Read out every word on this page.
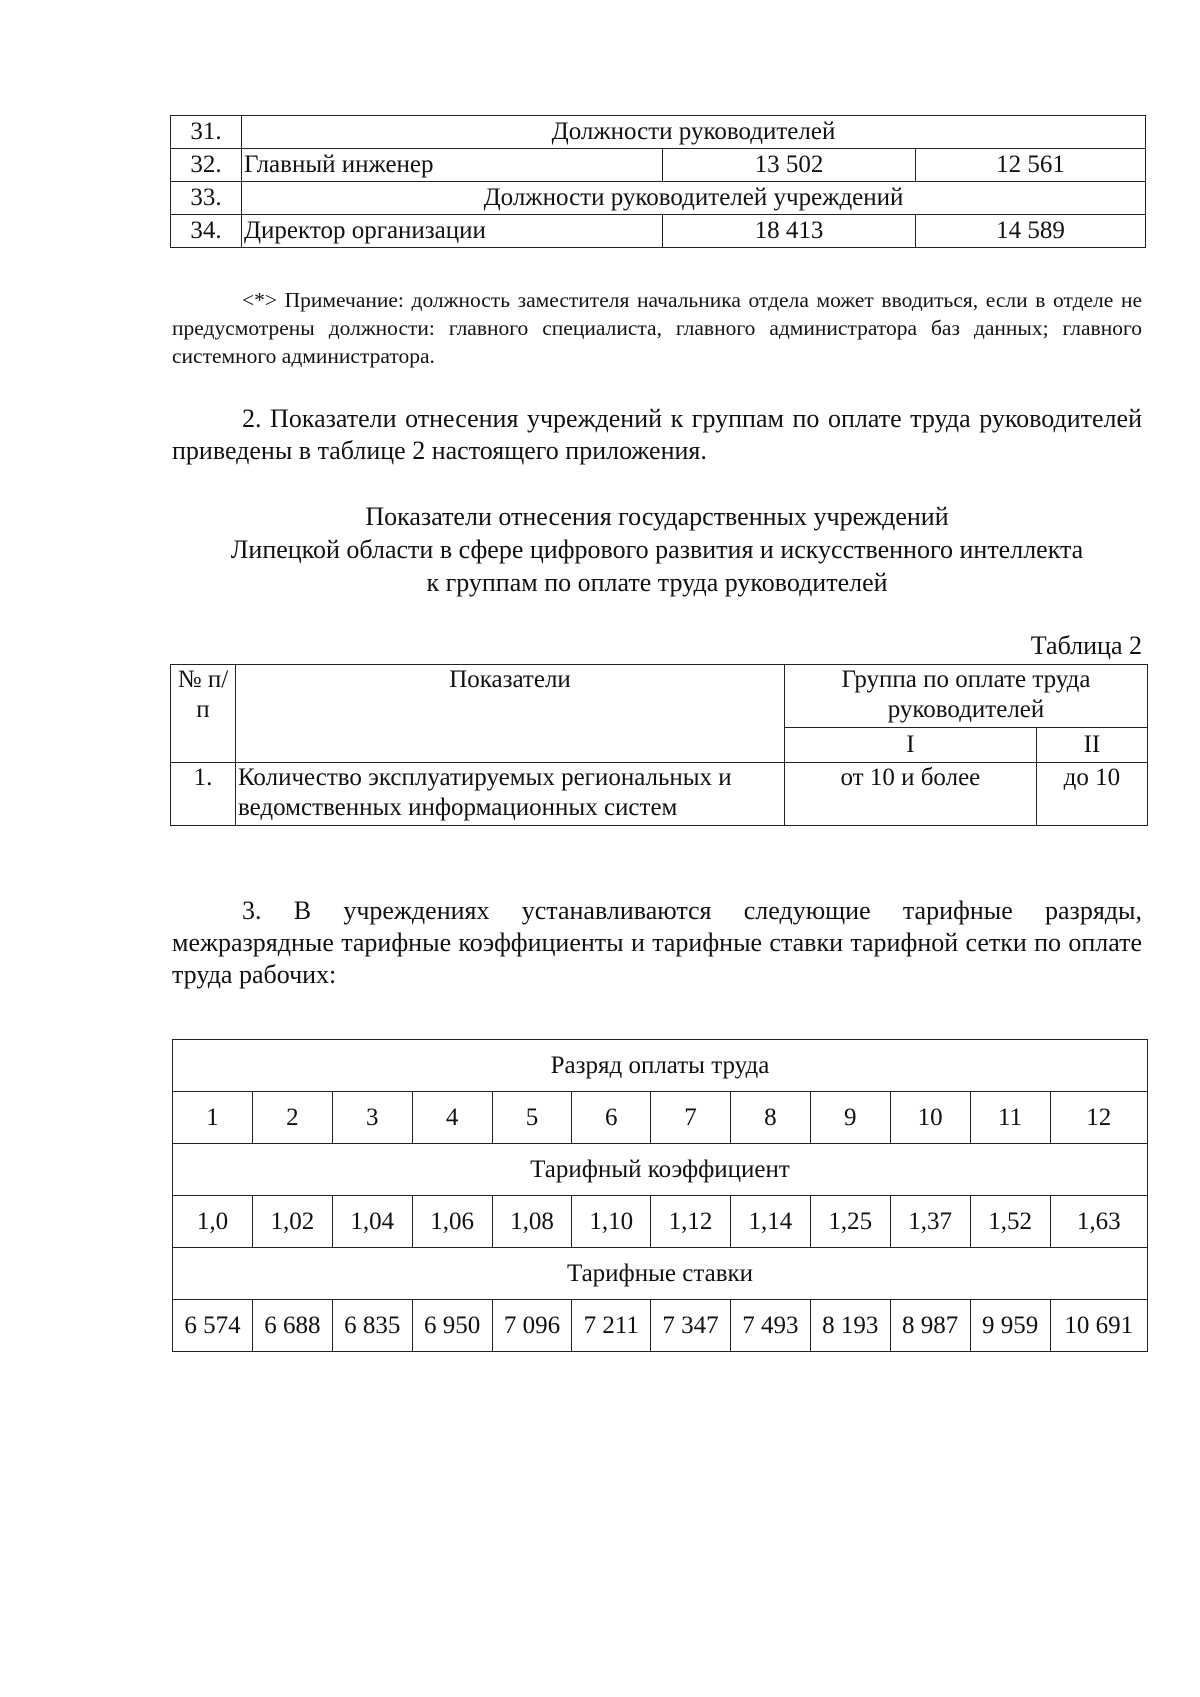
31.	Должности руководителей		
32.	Главный инженер	13 502	12 561
33.	Должности руководителей учреждений		
34.	Директор организации	18 413	14 589
<*> Примечание: должность заместителя начальника отдела может вводиться, если в отделе не предусмотрены должности: главного специалиста, главного администратора баз данных; главного системного администратора.
2. Показатели отнесения учреждений к группам по оплате труда руководителей приведены в таблице 2 настоящего приложения.
Показатели отнесения государственных учреждений
Липецкой области в сфере цифрового развития и искусственного интеллекта
к группам по оплате труда руководителей
Таблица 2
№ п/п	Показатели	Группа по оплате труда руководителей	
		I	II
1.	Количество эксплуатируемых региональных и ведомственных информационных систем	от 10 и более	до 10
3. В учреждениях устанавливаются следующие тарифные разряды, межразрядные тарифные коэффициенты и тарифные ставки тарифной сетки по оплате труда рабочих:
Разряд оплаты труда											
1	2	3	4	5	6	7	8	9	10	11	12
Тарифный коэффициент											
1,0	1,02	1,04	1,06	1,08	1,10	1,12	1,14	1,25	1,37	1,52	1,63
Тарифные ставки											
6 574	6 688	6 835	6 950	7 096	7 211	7 347	7 493	8 193	8 987	9 959	10 691
